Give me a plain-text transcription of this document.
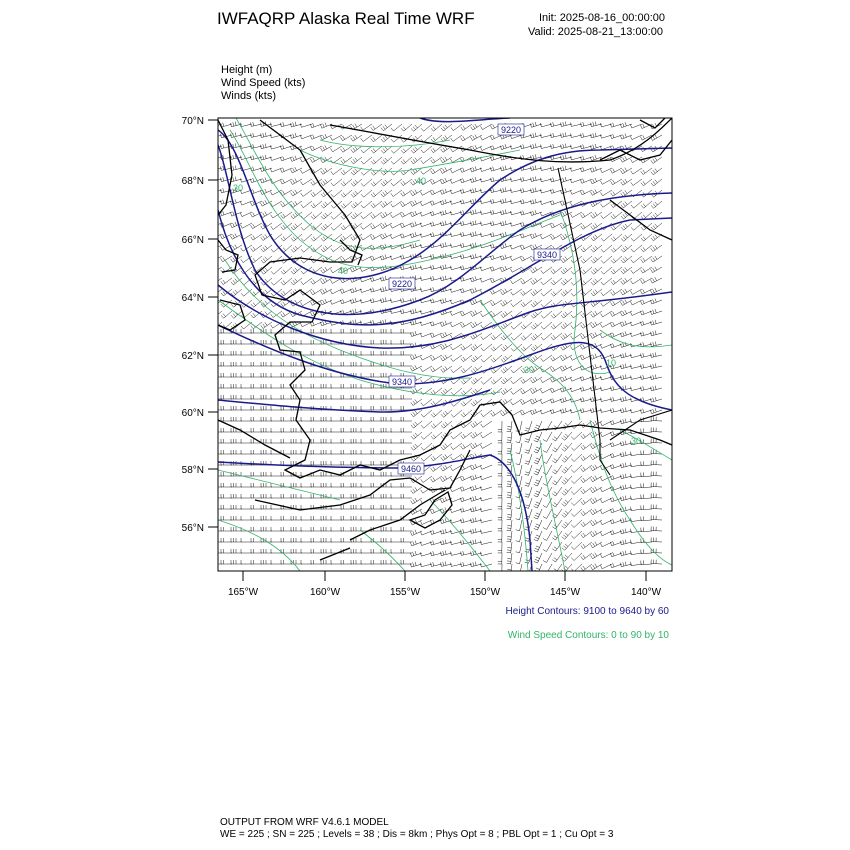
IWFAQRP Alaska Real Time WRF	Init: 2025-08-16_00:00:00
Valid: 2025-08-21_13:00:00
Height (m)
Wind Speed (kts)
Winds (kts)
70°N
68°N
66°N
64°N
62°N
60°N
58°N
56°N
165°W	160°W	155°W	150°W	145°W	140°W
9220
9340
9220
9340
9460
30
40
40
30
10
30
Height Contours: 9100 to 9640 by 60
Wind Speed Contours: 0 to 90 by 10
OUTPUT FROM WRF V4.6.1 MODEL
WE = 225 ; SN = 225 ; Levels = 38 ; Dis = 8km ; Phys Opt = 8 ; PBL Opt = 1 ; Cu Opt = 3
